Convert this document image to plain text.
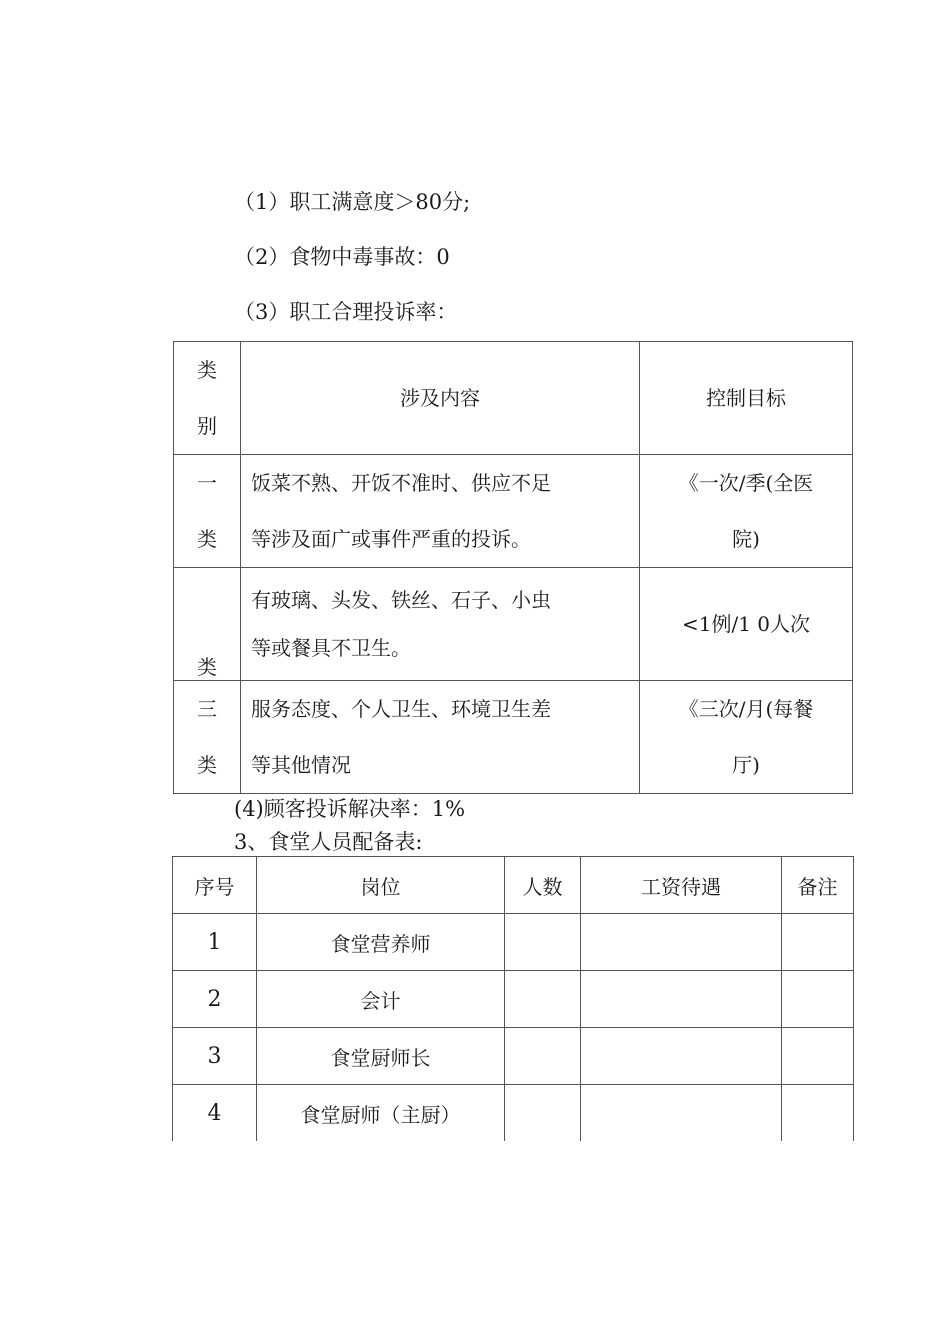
（1）职工满意度＞80分;
（2）食物中毒事故：0
（3）职工合理投诉率：
类
别	涉及内容	控制目标

一
类	饭菜不熟、开饭不准时、供应不足
等涉及面广或事件严重的投诉。	《一次/季(全医
院)

类	有玻璃、头发、铁丝、石子、小虫
等或餐具不卫生。	<1例/1 0人次

三
类	服务态度、个人卫生、环境卫生差
等其他情况	《三次/月(每餐
厅)
(4)顾客投诉解决率：1%
3、食堂人员配备表:
序号	岗位	人数	工资待遇	备注
1	食堂营养师			
2	会计			
3	食堂厨师长			
4	食堂厨师（主厨）			
